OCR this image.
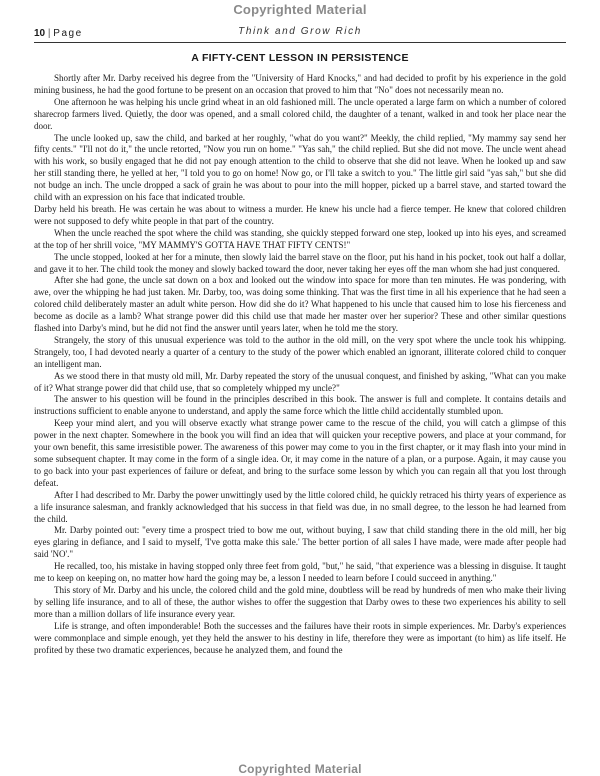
Copyrighted Material
10 | Page	Think and Grow Rich
A FIFTY-CENT LESSON IN PERSISTENCE

Shortly after Mr. Darby received his degree from the "University of Hard Knocks," and had decided to profit by his experience in the gold mining business, he had the good fortune to be present on an occasion that proved to him that "No" does not necessarily mean no.

One afternoon he was helping his uncle grind wheat in an old fashioned mill. The uncle operated a large farm on which a number of colored sharecrop farmers lived. Quietly, the door was opened, and a small colored child, the daughter of a tenant, walked in and took her place near the door.

The uncle looked up, saw the child, and barked at her roughly, "what do you want?" Meekly, the child replied, "My mammy say send her fifty cents." "I'll not do it," the uncle retorted, "Now you run on home." "Yas sah," the child replied. But she did not move. The uncle went ahead with his work, so busily engaged that he did not pay enough attention to the child to observe that she did not leave. When he looked up and saw her still standing there, he yelled at her, "I told you to go on home! Now go, or I'll take a switch to you." The little girl said "yas sah," but she did not budge an inch. The uncle dropped a sack of grain he was about to pour into the mill hopper, picked up a barrel stave, and started toward the child with an expression on his face that indicated trouble.

Darby held his breath. He was certain he was about to witness a murder. He knew his uncle had a fierce temper. He knew that colored children were not supposed to defy white people in that part of the country.

When the uncle reached the spot where the child was standing, she quickly stepped forward one step, looked up into his eyes, and screamed at the top of her shrill voice, "MY MAMMY'S GOTTA HAVE THAT FIFTY CENTS!"

The uncle stopped, looked at her for a minute, then slowly laid the barrel stave on the floor, put his hand in his pocket, took out half a dollar, and gave it to her. The child took the money and slowly backed toward the door, never taking her eyes off the man whom she had just conquered.

After she had gone, the uncle sat down on a box and looked out the window into space for more than ten minutes. He was pondering, with awe, over the whipping he had just taken. Mr. Darby, too, was doing some thinking. That was the first time in all his experience that he had seen a colored child deliberately master an adult white person. How did she do it? What happened to his uncle that caused him to lose his fierceness and become as docile as a lamb? What strange power did this child use that made her master over her superior? These and other similar questions flashed into Darby's mind, but he did not find the answer until years later, when he told me the story.

Strangely, the story of this unusual experience was told to the author in the old mill, on the very spot where the uncle took his whipping. Strangely, too, I had devoted nearly a quarter of a century to the study of the power which enabled an ignorant, illiterate colored child to conquer an intelligent man.

As we stood there in that musty old mill, Mr. Darby repeated the story of the unusual conquest, and finished by asking, "What can you make of it? What strange power did that child use, that so completely whipped my uncle?"

The answer to his question will be found in the principles described in this book. The answer is full and complete. It contains details and instructions sufficient to enable anyone to understand, and apply the same force which the little child accidentally stumbled upon.

Keep your mind alert, and you will observe exactly what strange power came to the rescue of the child, you will catch a glimpse of this power in the next chapter. Somewhere in the book you will find an idea that will quicken your receptive powers, and place at your command, for your own benefit, this same irresistible power. The awareness of this power may come to you in the first chapter, or it may flash into your mind in some subsequent chapter. It may come in the form of a single idea. Or, it may come in the nature of a plan, or a purpose. Again, it may cause you to go back into your past experiences of failure or defeat, and bring to the surface some lesson by which you can regain all that you lost through defeat.

After I had described to Mr. Darby the power unwittingly used by the little colored child, he quickly retraced his thirty years of experience as a life insurance salesman, and frankly acknowledged that his success in that field was due, in no small degree, to the lesson he had learned from the child.

Mr. Darby pointed out: "every time a prospect tried to bow me out, without buying, I saw that child standing there in the old mill, her big eyes glaring in defiance, and I said to myself, 'I've gotta make this sale.' The better portion of all sales I have made, were made after people had said 'NO'."

He recalled, too, his mistake in having stopped only three feet from gold, "but," he said, "that experience was a blessing in disguise. It taught me to keep on keeping on, no matter how hard the going may be, a lesson I needed to learn before I could succeed in anything."

This story of Mr. Darby and his uncle, the colored child and the gold mine, doubtless will be read by hundreds of men who make their living by selling life insurance, and to all of these, the author wishes to offer the suggestion that Darby owes to these two experiences his ability to sell more than a million dollars of life insurance every year.

Life is strange, and often imponderable! Both the successes and the failures have their roots in simple experiences. Mr. Darby's experiences were commonplace and simple enough, yet they held the answer to his destiny in life, therefore they were as important (to him) as life itself. He profited by these two dramatic experiences, because he analyzed them, and found the

Copyrighted Material
